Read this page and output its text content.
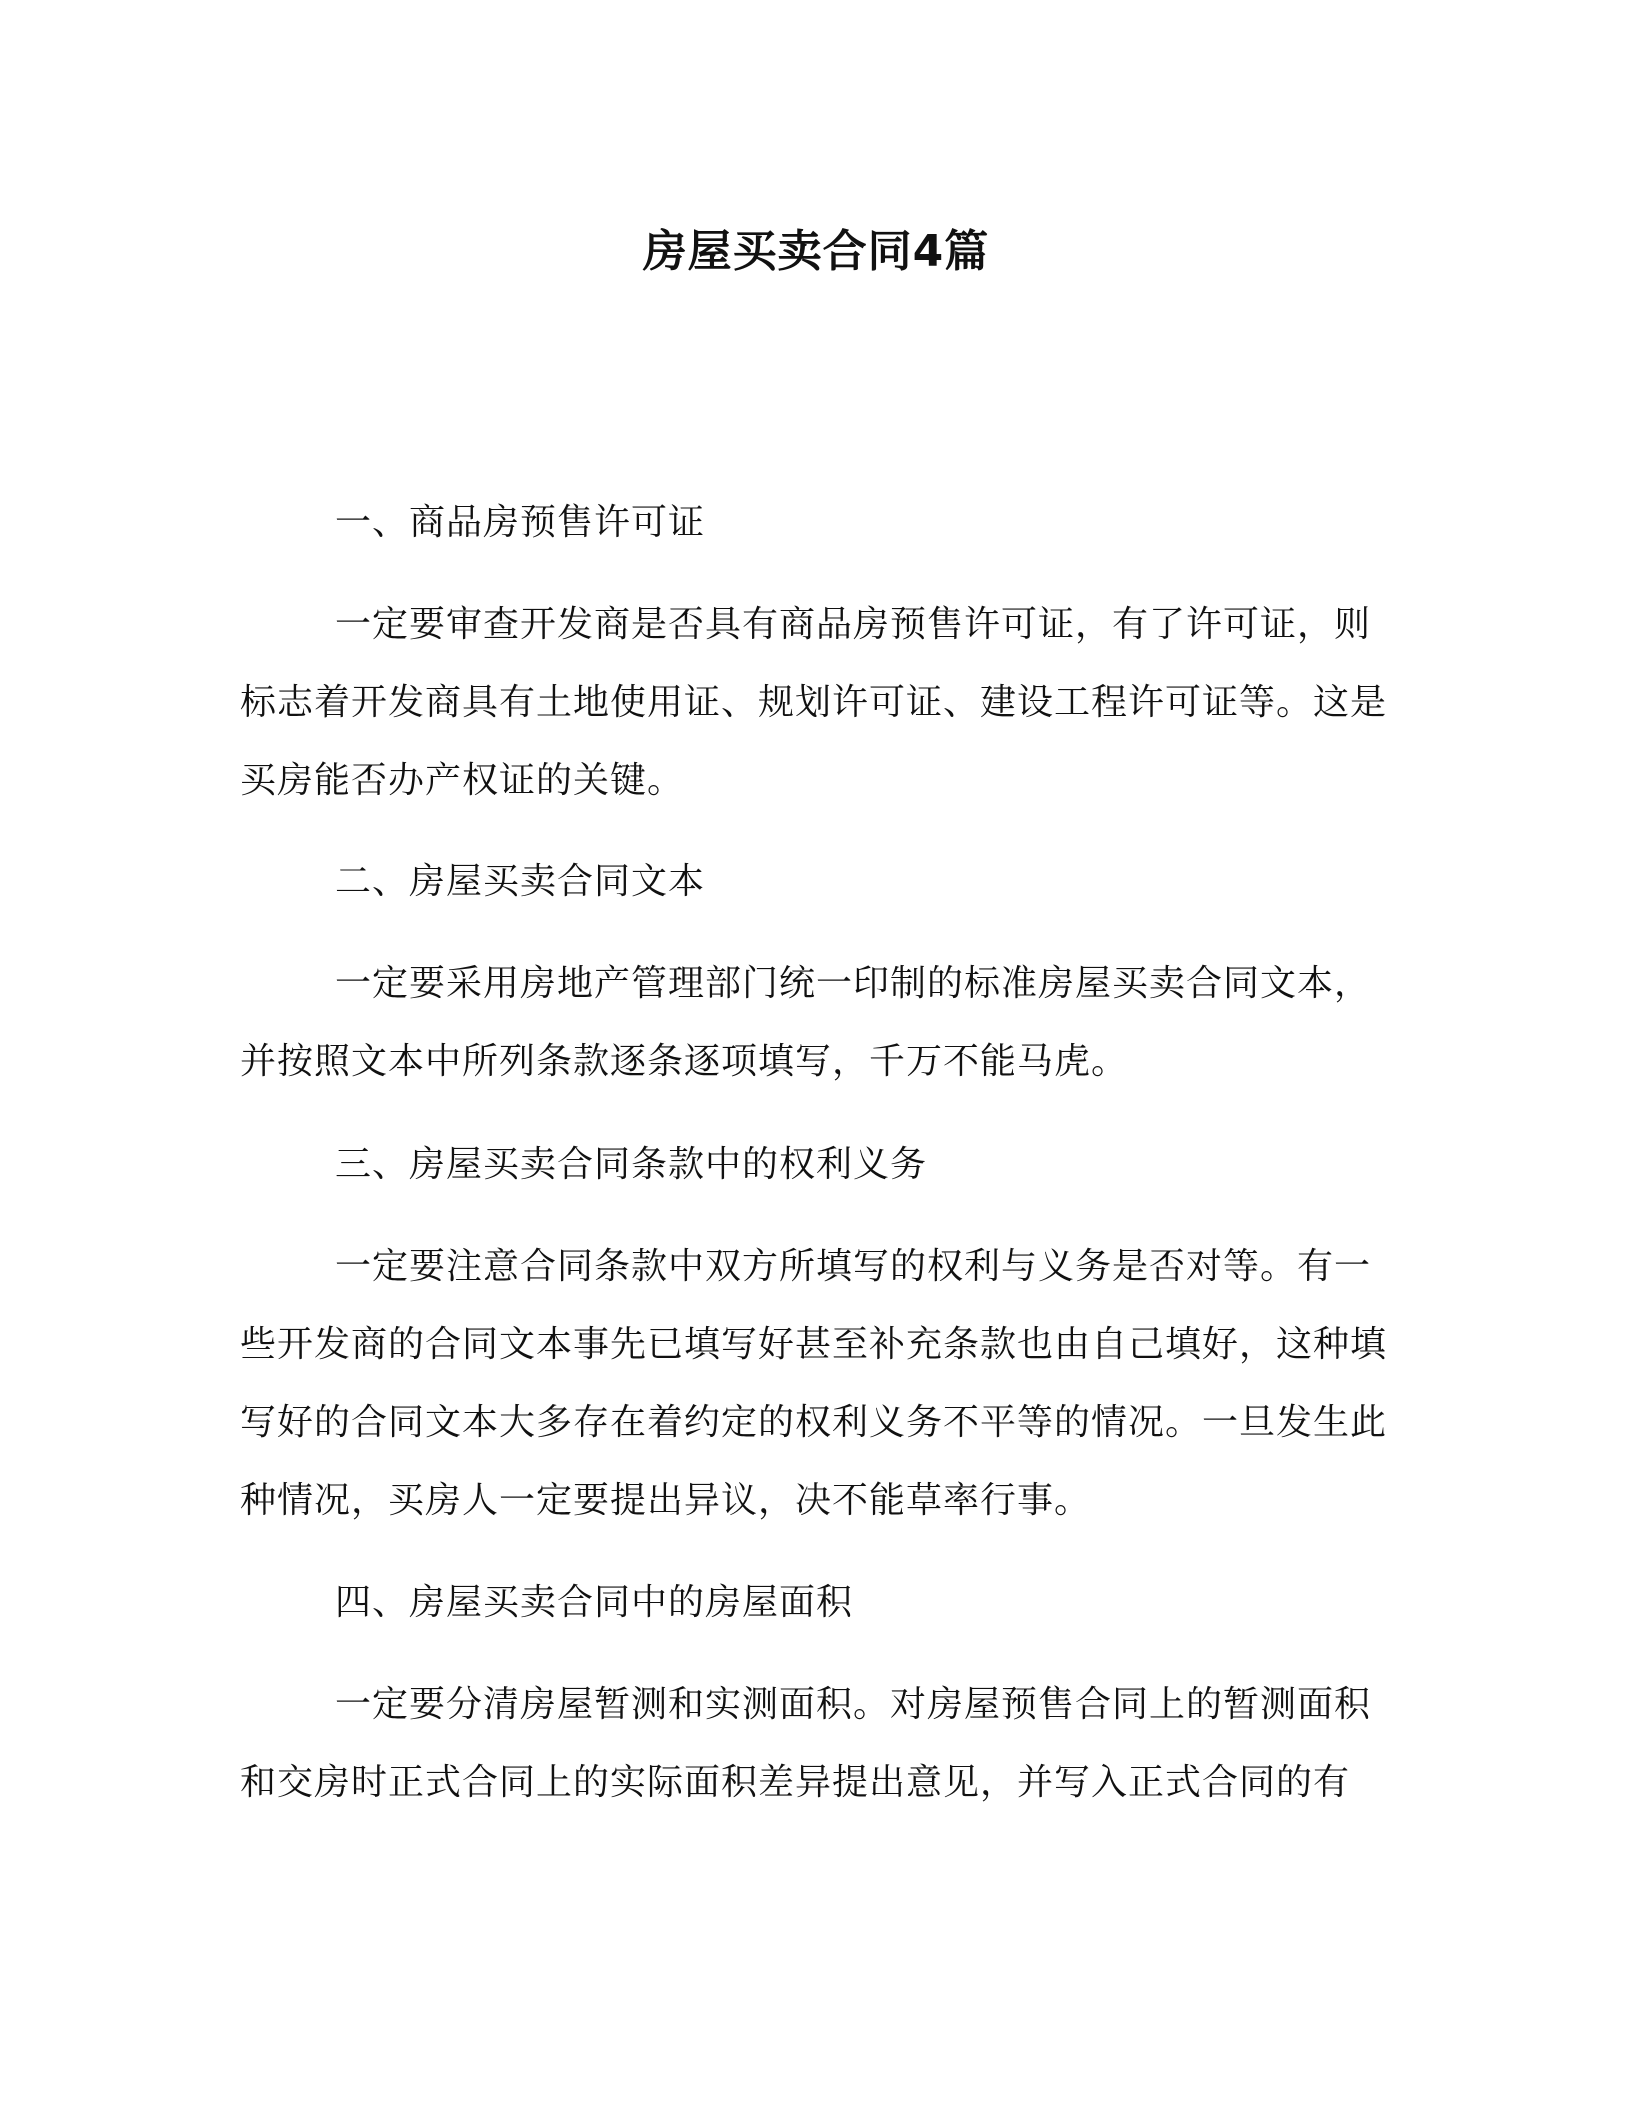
房屋买卖合同4篇

一、商品房预售许可证

一定要审查开发商是否具有商品房预售许可证，有了许可证，则标志着开发商具有土地使用证、规划许可证、建设工程许可证等。这是买房能否办产权证的关键。

二、房屋买卖合同文本

一定要采用房地产管理部门统一印制的标准房屋买卖合同文本，并按照文本中所列条款逐条逐项填写，千万不能马虎。

三、房屋买卖合同条款中的权利义务

一定要注意合同条款中双方所填写的权利与义务是否对等。有一些开发商的合同文本事先已填写好甚至补充条款也由自己填好，这种填写好的合同文本大多存在着约定的权利义务不平等的情况。一旦发生此种情况，买房人一定要提出异议，决不能草率行事。

四、房屋买卖合同中的房屋面积

一定要分清房屋暂测和实测面积。对房屋预售合同上的暂测面积和交房时正式合同上的实际面积差异提出意见，并写入正式合同的有
